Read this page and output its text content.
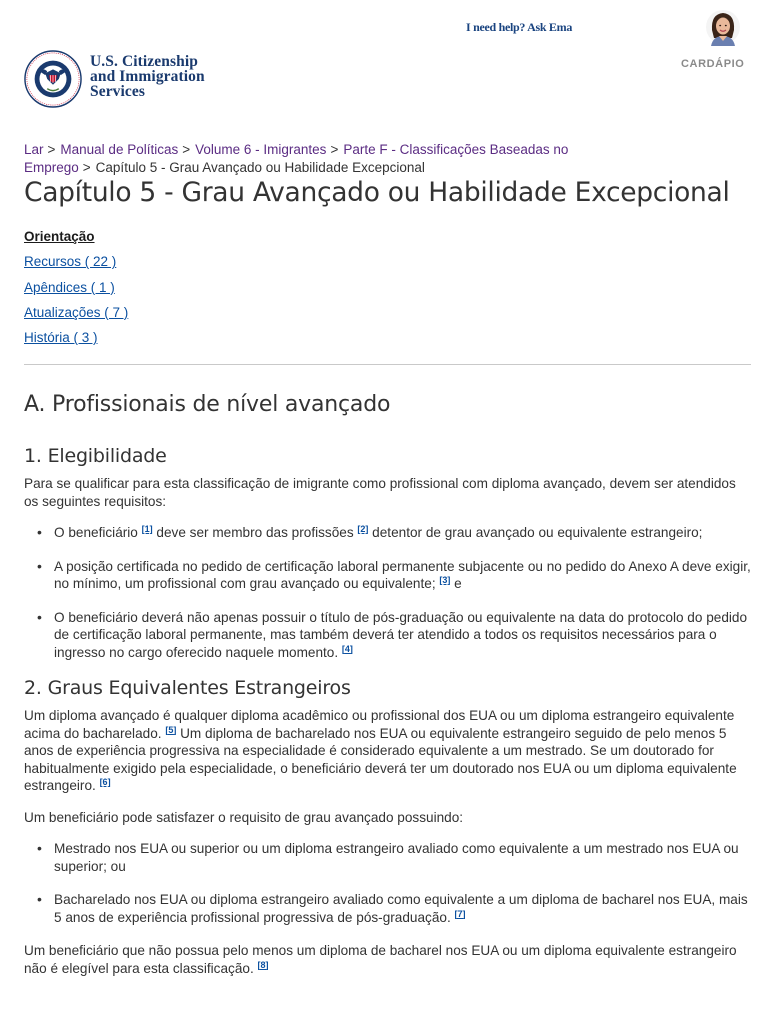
I need help? Ask Ema
CARDÁPIO
U.S. Citizenship
and Immigration
Services
Lar > Manual de Políticas > Volume 6 - Imigrantes > Parte F - Classificações Baseadas no Emprego > Capítulo 5 - Grau Avançado ou Habilidade Excepcional
Capítulo 5 - Grau Avançado ou Habilidade Excepcional
Orientação
Recursos ( 22 )
Apêndices ( 1 )
Atualizações ( 7 )
História ( 3 )
A. Profissionais de nível avançado
1. Elegibilidade

Para se qualificar para esta classificação de imigrante como profissional com diploma avançado, devem ser atendidos os seguintes requisitos:

• O beneficiário [1] deve ser membro das profissões [2] detentor de grau avançado ou equivalente estrangeiro;
• A posição certificada no pedido de certificação laboral permanente subjacente ou no pedido do Anexo A deve exigir, no mínimo, um profissional com grau avançado ou equivalente; [3] e
• O beneficiário deverá não apenas possuir o título de pós-graduação ou equivalente na data do protocolo do pedido de certificação laboral permanente, mas também deverá ter atendido a todos os requisitos necessários para o ingresso no cargo oferecido naquele momento. [4]
2. Graus Equivalentes Estrangeiros

Um diploma avançado é qualquer diploma acadêmico ou profissional dos EUA ou um diploma estrangeiro equivalente acima do bacharelado. [5] Um diploma de bacharelado nos EUA ou equivalente estrangeiro seguido de pelo menos 5 anos de experiência progressiva na especialidade é considerado equivalente a um mestrado. Se um doutorado for habitualmente exigido pela especialidade, o beneficiário deverá ter um doutorado nos EUA ou um diploma equivalente estrangeiro. [6]

Um beneficiário pode satisfazer o requisito de grau avançado possuindo:

• Mestrado nos EUA ou superior ou um diploma estrangeiro avaliado como equivalente a um mestrado nos EUA ou superior; ou
• Bacharelado nos EUA ou diploma estrangeiro avaliado como equivalente a um diploma de bacharel nos EUA, mais 5 anos de experiência profissional progressiva de pós-graduação. [7]

Um beneficiário que não possua pelo menos um diploma de bacharel nos EUA ou um diploma equivalente estrangeiro não é elegível para esta classificação. [8]
